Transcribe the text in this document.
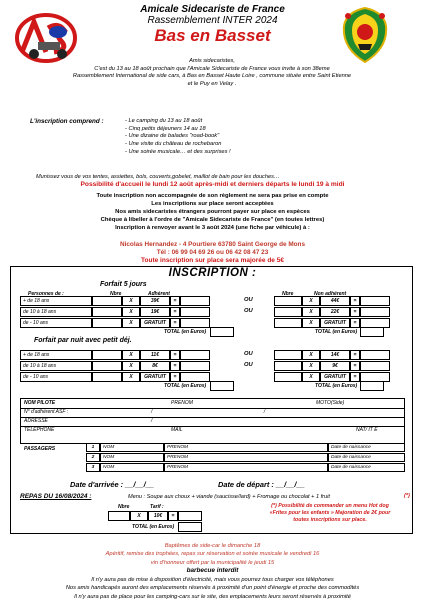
Amicale Sidecariste de France
Rassemblement INTER 2024
Bas en Basset
Amis sidecaristes,
C'est du 13 au 18 août prochain que l'Amicale Sidecariste de France vous invite à son 38eme
Rassemblement International de side cars, à Bas en Basset Haute Loire , commune située entre Saint Etienne
et le Puy en Velay .
L'inscription comprend :	- Le camping du 13 au 18 août
- Cinq petits déjeuners 14 au 18
- Une dizaine de balades "road-book"
- Une visite du château de rochebaron
- Une soirée musicale… et des surprises !
Munissez vous de vos tentes, assiettes, bols, couverts,gobelet, maillot de bain pour les douches…
Possibilité d'accueil le lundi 12 août après-midi et derniers départs le lundi 19 à midi
Toute inscription non accompagnée de son règlement ne sera pas prise en compte
Les inscriptions sur place seront acceptées
Nos amis sidecaristes étrangers pourront payer sur place en espèces
Chèque à libeller à l'ordre de "Amicale Sidecariste de France" (en toutes lettres)
Inscription à renvoyer avant le 3 août 2024 (une fiche par véhicule) à :
Nicolas Hernandez - 4 Pourtiere 63780 Saint George de Mons
Tél : 06 99 04 69 26 ou 06 42 08 47 23
Toute inscription sur place sera majorée de 5€
INSCRIPTION :
Forfait 5 jours
Personnes de :	Nbre	Adhérent	Nbre	Non adhérent
TOTAL (en Euros)	TOTAL (en Euros)
Forfait par nuit avec petit déj.
TOTAL (en Euros)	TOTAL (en Euros)
NOM PILOTE	PRENOM	MOTO(Side)
N° d'adhérent ASF :	/ / /
ADRESSE
TELEPHONE	MAIL	NAT/ IT E
PASSAGERS
Date d'arrivée : __/__/__	Date de départ : __/__/__
REPAS DU 16/08/2024 :	Menu : Soupe aux choux + viande (saucisse/lard) + Fromage ou chocolat + 1 fruit	(*)
Nbre	Tarif :
X	10€	=
TOTAL (en Euros)
(*) Possibilité de commander un menu Hot dog
«Frites pour les enfants » Majoration de 2€ pour
toutes inscriptions sur place.
Baptêmes de side-car le dimanche 18
Apéritif, remise des trophées, repas sur réservation et soirée musicale le vendredi 16
vin d'honneur offert par la municipalité le jeudi 15
barbecue interdit
Il n'y aura pas de mise à disposition d'électricité, mais vous pourrez tous charger vos téléphones
Nos amis handicapés auront des emplacements réservés à proximité d'un point d'énergie et proche des commodités
Il n'y aura pas de place pour les camping-cars sur le site, des emplacements leurs seront réservés à proximité
+ de 18 ans	X	39€	=	X	44€	=
OU
de 10 à 18 ans	X	19€	=	X	22€	=
OU
de - 10 ans	X	GRATUIT	=	X	GRATUIT	=
+ de 18 ans	X	11€	=	X	14€	=
OU
de 10 à 18 ans	X	8€	=	X	9€	=
OU
de - 10 ans	X	GRATUIT	=	X	GRATUIT	=
1	NOM	PRENOM	Date de naissance
2	NOM	PRENOM	Date de naissance
3	NOM	PRENOM	Date de naissance
